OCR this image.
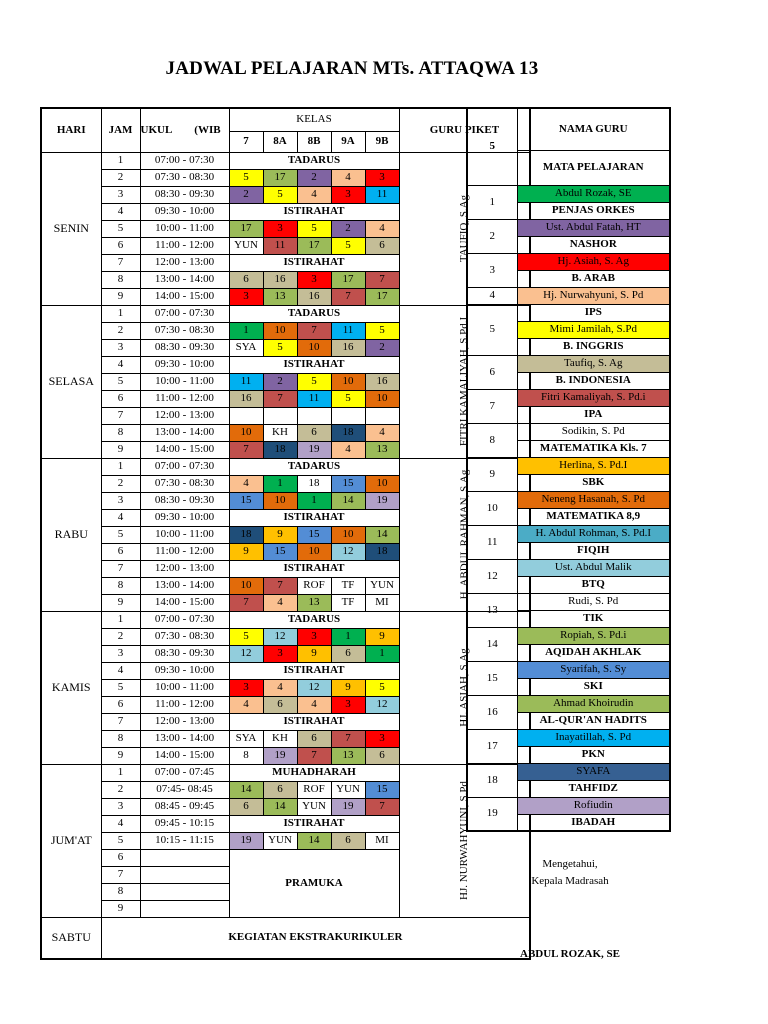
JADWAL PELAJARAN MTs. ATTAQWA 13
HARI	JAM	UKUL (WIB	KELAS					GURU PIKET
			7	8A	8B	9A	9B	
SENIN	1	07:00 - 07:30	TADARUS					TAUFIQ, S.Ag
	2	07:30 - 08:30	5	17	2	4	3	
	3	08:30 - 09:30	2	5	4	3	11	
	4	09:30 - 10:00	ISTIRAHAT					
	5	10:00 - 11:00	17	3	5	2	4	
	6	11:00 - 12:00	YUN	11	17	5	6	
	7	12:00 - 13:00	ISTIRAHAT					
	8	13:00 - 14:00	6	16	3	17	7	
	9	14:00 - 15:00	3	13	16	7	17	
SELASA	1	07:00 - 07:30	TADARUS					FITRI KAMALIYAH, S.Pd.I
	2	07:30 - 08:30	1	10	7	11	5	
	3	08:30 - 09:30	SYA	5	10	16	2	
	4	09:30 - 10:00	ISTIRAHAT					
	5	10:00 - 11:00	11	2	5	10	16	
	6	11:00 - 12:00	16	7	11	5	10	
	7	12:00 - 13:00						
	8	13:00 - 14:00	10	KH	6	18	4	
	9	14:00 - 15:00	7	18	19	4	13	
RABU	1	07:00 - 07:30	TADARUS					H. ABDUL RAHMAN, S.Ag
	2	07:30 - 08:30	4	1	18	15	10	
	3	08:30 - 09:30	15	10	1	14	19	
	4	09:30 - 10:00	ISTIRAHAT					
	5	10:00 - 11:00	18	9	15	10	14	
	6	11:00 - 12:00	9	15	10	12	18	
	7	12:00 - 13:00	ISTIRAHAT					
	8	13:00 - 14:00	10	7	ROF	TF	YUN	
	9	14:00 - 15:00	7	4	13	TF	MI	
KAMIS	1	07:00 - 07:30	TADARUS					HJ. ASIAH, S.Ag
	2	07:30 - 08:30	5	12	3	1	9	
	3	08:30 - 09:30	12	3	9	6	1	
	4	09:30 - 10:00	ISTIRAHAT					
	5	10:00 - 11:00	3	4	12	9	5	
	6	11:00 - 12:00	4	6	4	3	12	
	7	12:00 - 13:00	ISTIRAHAT					
	8	13:00 - 14:00	SYA	KH	6	7	3	
	9	14:00 - 15:00	8	19	7	13	6	
JUM'AT	1	07:00 - 07:45	MUHADHARAH					HJ. NURWAHYUNI, S.Pd
	2	07:45- 08:45	14	6	ROF	YUN	15	
	3	08:45 - 09:45	6	14	YUN	19	7	
	4	09:45 - 10:15	ISTIRAHAT					
	5	10:15 - 11:15	19	YUN	14	6	MI	
	6		PRAMUKA					
	7							
	8							
	9							
SABTU	KEGIATAN EKSTRAKURIKULER							
5	NAMA GURU
	MATA PELAJARAN
1	Abdul Rozak, SE
	PENJAS ORKES
2	Ust. Abdul Fatah, HT
	NASHOR
3	Hj. Asiah, S. Ag
	B. ARAB
4	Hj. Nurwahyuni, S. Pd
5	IPS
	Mimi Jamilah, S.Pd
	B. INGGRIS
6	Taufiq, S. Ag
	B. INDONESIA
7	Fitri Kamaliyah, S. Pd.i
	IPA
8	Sodikin, S. Pd
	MATEMATIKA Kls. 7
9	Herlina, S. Pd.I
	SBK
10	Neneng Hasanah, S. Pd
	MATEMATIKA 8,9
11	H. Abdul Rohman, S. Pd.I
	FIQIH
12	Ust. Abdul Malik
	BTQ
13	Rudi, S. Pd
	TIK
14	Ropiah, S. Pd.i
	AQIDAH AKHLAK
15	Syarifah, S. Sy
	SKI
16	Ahmad Khoirudin
	AL-QUR'AN HADITS
17	Inayatillah, S. Pd
	PKN
18	SYAFA
	TAHFIDZ
19	Rofiudin
	IBADAH
Mengetahui,
Kepala Madrasah
ABDUL ROZAK, SE
